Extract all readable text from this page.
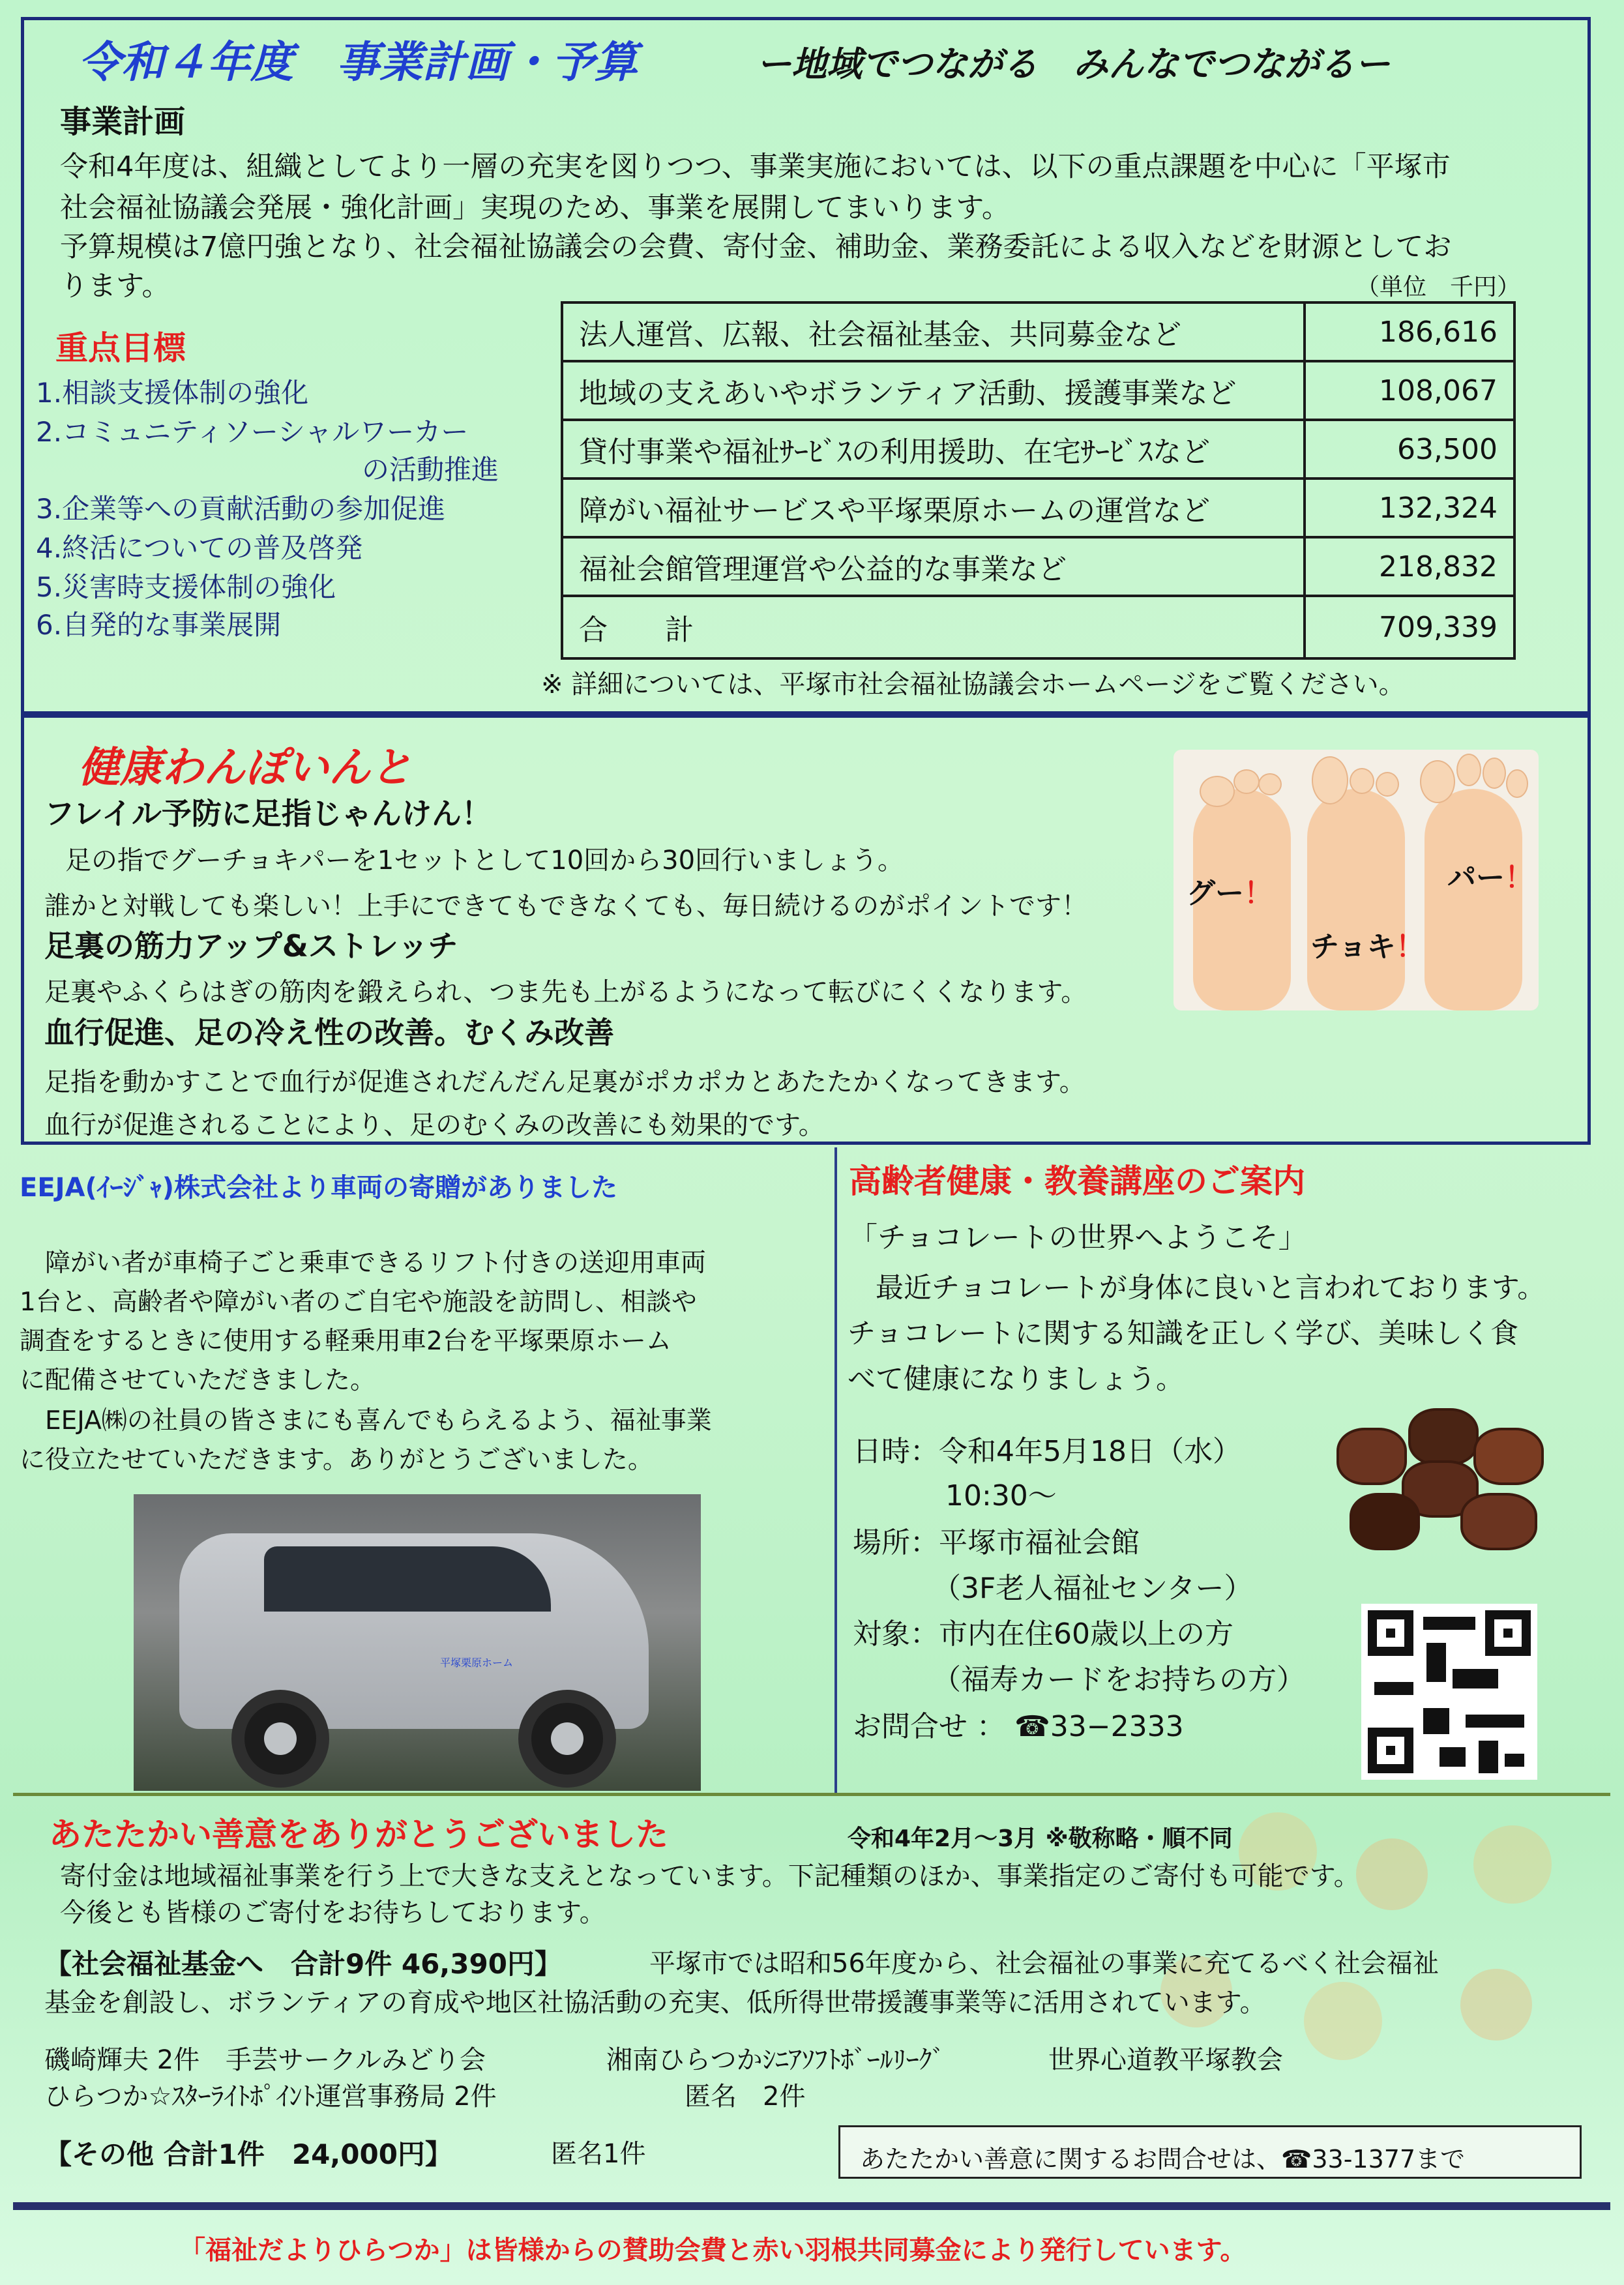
令和４年度　事業計画・予算	ー地域でつながる　みんなでつながるー
事業計画
令和4年度は、組織としてより一層の充実を図りつつ、事業実施においては、以下の重点課題を中心に「平塚市
社会福祉協議会発展・強化計画」実現のため、事業を展開してまいります。
予算規模は7億円強となり、社会福祉協議会の会費、寄付金、補助金、業務委託による収入などを財源としてお
ります。	（単位　千円）
重点目標
1.相談支援体制の強化
2.コミュニティソーシャルワーカー
の活動推進
3.企業等への貢献活動の参加促進
4.終活についての普及啓発
5.災害時支援体制の強化
6.自発的な事業展開
法人運営、広報、社会福祉基金、共同募金など	186,616
地域の支えあいやボランティア活動、援護事業など	108,067
貸付事業や福祉ｻｰﾋﾞｽの利用援助、在宅ｻｰﾋﾞｽなど	63,500
障がい福祉サービスや平塚栗原ホームの運営など	132,324
福祉会館管理運営や公益的な事業など	218,832
合　　計	709,339
※ 詳細については、平塚市社会福祉協議会ホームページをご覧ください。
健康わんぽいんと
フレイル予防に足指じゃんけん！
足の指でグーチョキパーを1セットとして10回から30回行いましょう。
誰かと対戦しても楽しい！上手にできてもできなくても、毎日続けるのがポイントです！
足裏の筋力アップ&ストレッチ
足裏やふくらはぎの筋肉を鍛えられ、つま先も上がるようになって転びにくくなります。
血行促進、足の冷え性の改善。むくみ改善
足指を動かすことで血行が促進されだんだん足裏がポカポカとあたたかくなってきます。
血行が促進されることにより、足のむくみの改善にも効果的です。
グー！
チョキ！
パー！
EEJA(ｲｰｼﾞｬ)株式会社より車両の寄贈がありました
　障がい者が車椅子ごと乗車できるリフト付きの送迎用車両
1台と、高齢者や障がい者のご自宅や施設を訪問し、相談や
調査をするときに使用する軽乗用車2台を平塚栗原ホーム
に配備させていただきました。
　EEJA㈱の社員の皆さまにも喜んでもらえるよう、福祉事業
に役立たせていただきます。ありがとうございました。
平塚栗原ホーム
高齢者健康・教養講座のご案内
「チョコレートの世界へようこそ」
　最近チョコレートが身体に良いと言われております。
チョコレートに関する知識を正しく学び、美味しく食
べて健康になりましょう。
日時：令和4年5月18日（水）
10:30～
場所：平塚市福祉会館
（3F老人福祉センター）
対象：市内在住60歳以上の方
（福寿カードをお持ちの方）
お問合せ ： ☎33−2333
あたたかい善意をありがとうございました	令和4年2月～3月 ※敬称略・順不同
寄付金は地域福祉事業を行う上で大きな支えとなっています。下記種類のほか、事業指定のご寄付も可能です。
今後とも皆様のご寄付をお待ちしております。
【社会福祉基金へ　合計9件 46,390円】	平塚市では昭和56年度から、社会福祉の事業に充てるべく社会福祉
基金を創設し、ボランティアの育成や地区社協活動の充実、低所得世帯援護事業等に活用されています。
磯崎輝夫 2件　手芸サークルみどり会	湘南ひらつかｼﾆｱｿﾌﾄﾎﾞｰﾙﾘｰｸﾞ	世界心道教平塚教会
ひらつか☆ｽﾀｰﾗｲﾄﾎﾟｲﾝﾄ運営事務局 2件	匿名　2件
【その他 合計1件　24,000円】	匿名1件	あたたかい善意に関するお問合せは、☎33-1377まで
「福祉だよりひらつか」は皆様からの賛助会費と赤い羽根共同募金により発行しています。
